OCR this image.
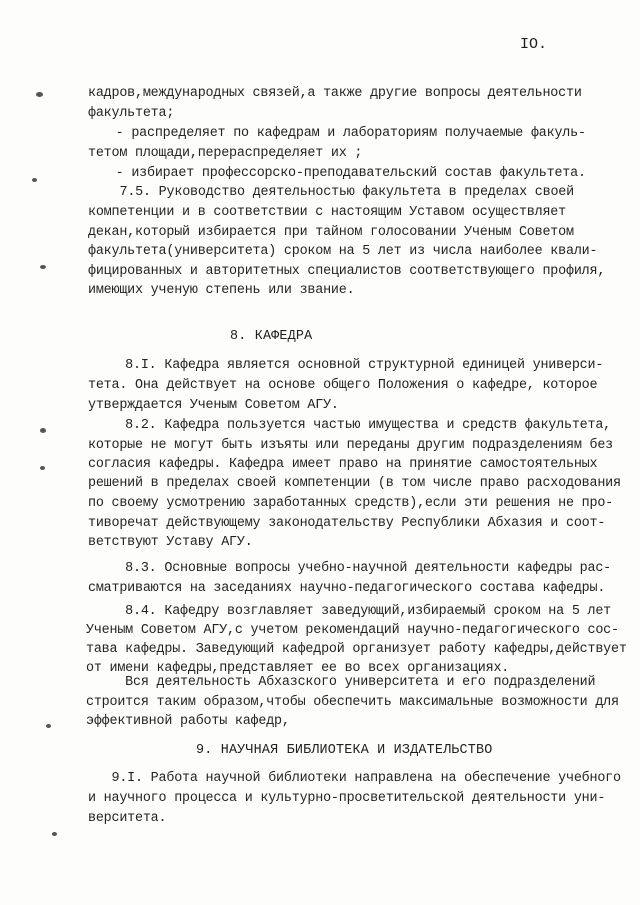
IO.
кадров,международных связей,а также другие вопросы деятельности
факультета;
- распределяет по кафедрам и лабораториям получаемые факуль-
тетом площади,перераспределяет их ;
- избирает профессорско-преподавательский состав факультета.
7.5. Руководство деятельностью факультета в пределах своей
компетенции и в соответствии с настоящим Уставом осуществляет
декан,который избирается при тайном голосовании Ученым Советом
факультета(университета) сроком на 5 лет из числа наиболее квали-
фицированных и авторитетных специалистов соответствующего профиля,
имеющих ученую степень или звание.
8. КАФЕДРА
8.I. Кафедра является основной структурной единицей универси-
тета. Она действует на основе общего Положения о кафедре, которое
утверждается Ученым Советом АГУ.
8.2. Кафедра пользуется частью имущества и средств факультета,
которые не могут быть изъяты или переданы другим подразделениям без
согласия кафедры. Кафедра имеет право на принятие самостоятельных
решений в пределах своей компетенции (в том числе право расходования
по своему усмотрению заработанных средств),если эти решения не про-
тиворечат действующему законодательству Республики Абхазия и соот-
ветствуют Уставу АГУ.
8.3. Основные вопросы учебно-научной деятельности кафедры рас-
сматриваются на заседаниях научно-педагогического состава кафедры.
8.4. Кафедру возглавляет заведующий,избираемый сроком на 5 лет
Ученым Советом АГУ,с учетом рекомендаций научно-педагогического сос-
тава кафедры. Заведующий кафедрой организует работу кафедры,действует
от имени кафедры,представляет ее во всех организациях.
Вся деятельность Абхазского университета и его подразделений
строится таким образом,чтобы обеспечить максимальные возможности для
эффективной работы кафедр,
9. НАУЧНАЯ БИБЛИОТЕКА И ИЗДАТЕЛЬСТВО
9.I. Работа научной библиотеки направлена на обеспечение учебного
и научного процесса и культурно-просветительской деятельности уни-
верситета.
